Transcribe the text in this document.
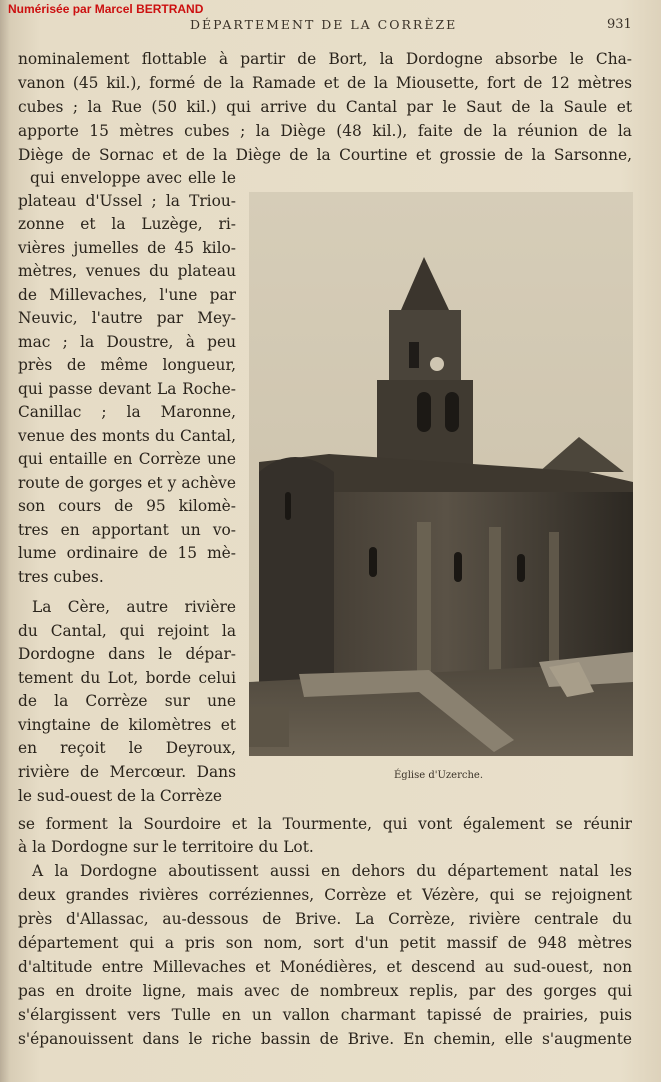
Numérisée par Marcel BERTRAND
DÉPARTEMENT DE LA CORRÈZE	931
nominalement flottable à partir de Bort, la Dordogne absorbe le Cha-
vanon (45 kil.), formé de la Ramade et de la Miousette, fort de 12 mètres
cubes ; la Rue (50 kil.) qui arrive du Cantal par le Saut de la Saule et
apporte 15 mètres cubes ; la Diège (48 kil.), faite de la réunion de la
Diège de Sornac et de la Diège de la Courtine et grossie de la Sarsonne,
qui enveloppe avec elle le
plateau d'Ussel ; la Triou-
zonne et la Luzège, ri-
vières jumelles de 45 kilo-
mètres, venues du plateau
de Millevaches, l'une par
Neuvic, l'autre par Mey-
mac ; la Doustre, à peu
près de même longueur,
qui passe devant La Roche-
Canillac ; la Maronne,
venue des monts du Cantal,
qui entaille en Corrèze une
route de gorges et y achève
son cours de 95 kilomè-
tres en apportant un vo-
lume ordinaire de 15 mè-
tres cubes.
La Cère, autre rivière
du Cantal, qui rejoint la
Dordogne dans le dépar-
tement du Lot, borde celui
de la Corrèze sur une
vingtaine de kilomètres et
en reçoit le Deyroux,
rivière de Mercœur. Dans
le sud-ouest de la Corrèze
Église d'Uzerche.
se forment la Sourdoire et la Tourmente, qui vont également se réunir
à la Dordogne sur le territoire du Lot.
A la Dordogne aboutissent aussi en dehors du département natal les
deux grandes rivières corréziennes, Corrèze et Vézère, qui se rejoignent
près d'Allassac, au-dessous de Brive. La Corrèze, rivière centrale du
département qui a pris son nom, sort d'un petit massif de 948 mètres
d'altitude entre Millevaches et Monédières, et descend au sud-ouest, non
pas en droite ligne, mais avec de nombreux replis, par des gorges qui
s'élargissent vers Tulle en un vallon charmant tapissé de prairies, puis
s'épanouissent dans le riche bassin de Brive. En chemin, elle s'augmente
